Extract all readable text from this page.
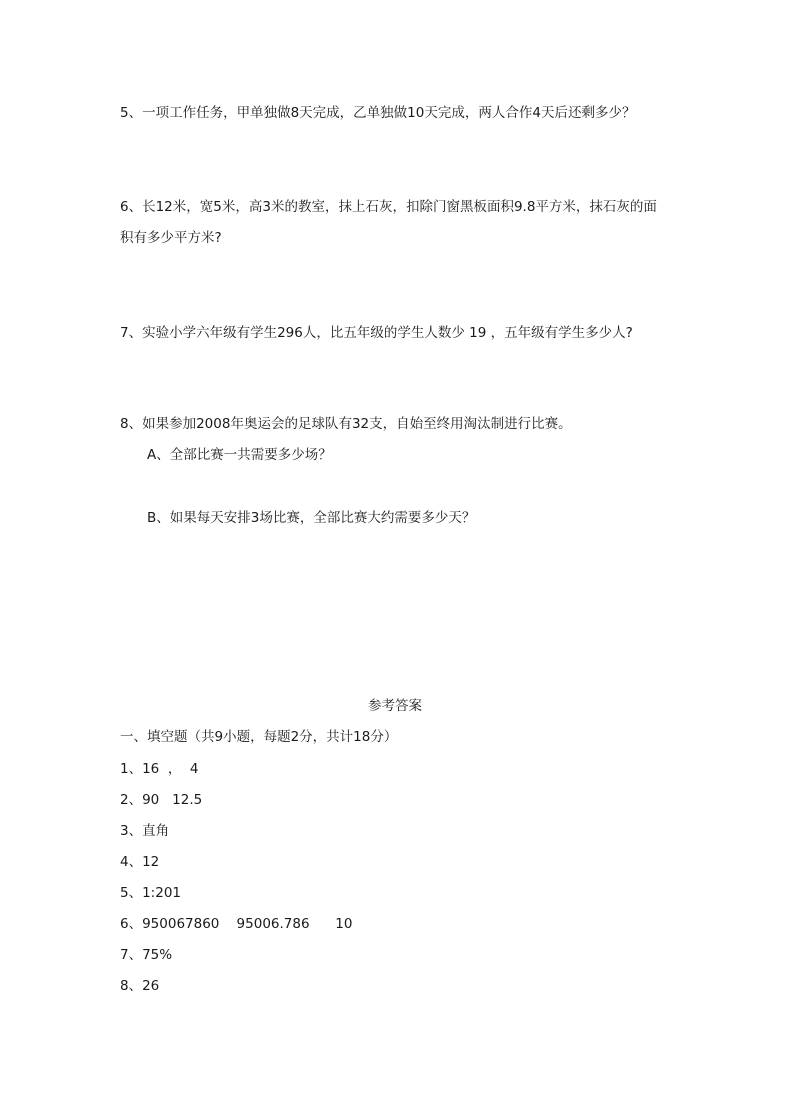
5、一项工作任务，甲单独做8天完成，乙单独做10天完成，两人合作4天后还剩多少？
6、长12米，宽5米，高3米的教室，抹上石灰，扣除门窗黑板面积9.8平方米，抹石灰的面
积有多少平方米?
7、实验小学六年级有学生296人，比五年级的学生人数少 19 ，五年级有学生多少人?
8、如果参加2008年奥运会的足球队有32支，自始至终用淘汰制进行比赛。
A、全部比赛一共需要多少场？
B、如果每天安排3场比赛，全部比赛大约需要多少天？
参考答案
一、填空题（共9小题，每题2分，共计18分）
1、16  ，  4
2、90   12.5
3、直角
4、12
5、1:201
6、950067860    95006.786      10
7、75%
8、26
